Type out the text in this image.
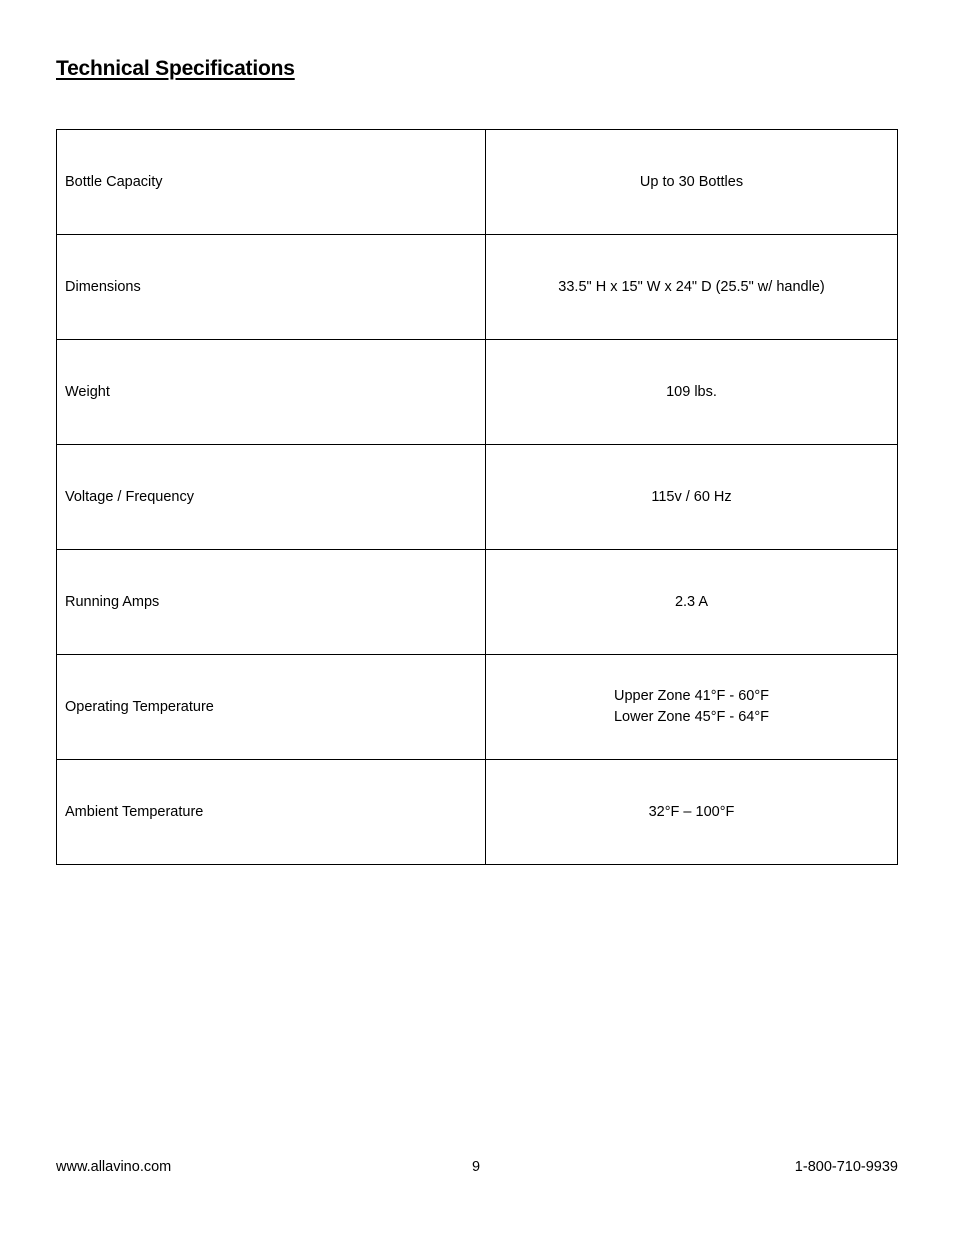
Technical Specifications
Bottle Capacity	Up to 30 Bottles

Dimensions	33.5" H x 15" W x 24" D (25.5" w/ handle)

Weight	109 lbs.

Voltage / Frequency	115v / 60 Hz

Running Amps	2.3 A

Operating Temperature	Upper Zone 41°F - 60°F
Lower Zone 45°F - 64°F

Ambient Temperature	32°F – 100°F
www.allavino.com	9	1-800-710-9939
